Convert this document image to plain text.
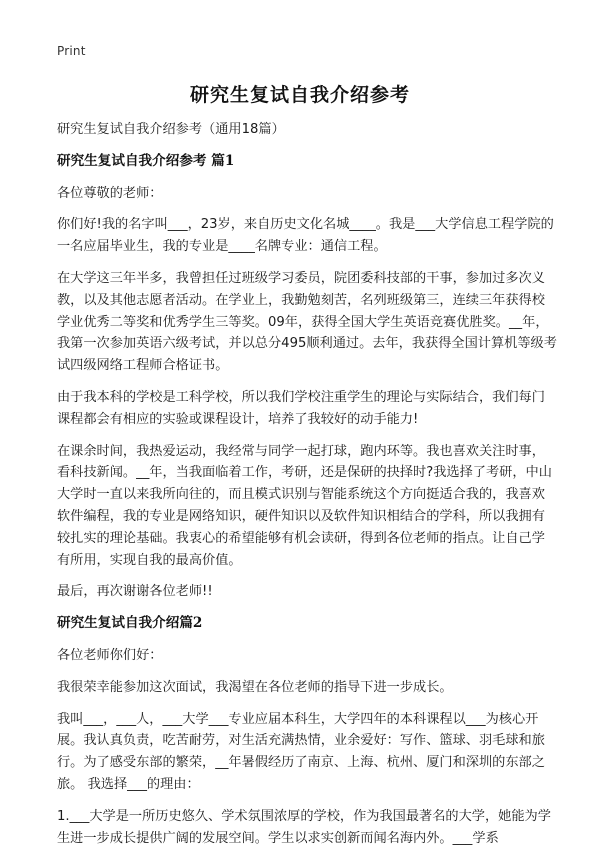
Print
研究生复试自我介绍参考

研究生复试自我介绍参考（通用18篇）

研究生复试自我介绍参考 篇1

各位尊敬的老师：

你们好!我的名字叫___，23岁，来自历史文化名城____。我是___大学信息工程学院的一名应届毕业生，我的专业是____名牌专业：通信工程。

在大学这三年半多，我曾担任过班级学习委员，院团委科技部的干事，参加过多次义教，以及其他志愿者活动。在学业上，我勤勉刻苦，名列班级第三，连续三年获得校学业优秀二等奖和优秀学生三等奖。09年，获得全国大学生英语竞赛优胜奖。__年，我第一次参加英语六级考试，并以总分495顺利通过。去年，我获得全国计算机等级考试四级网络工程师合格证书。

由于我本科的学校是工科学校，所以我们学校注重学生的理论与实际结合，我们每门课程都会有相应的实验或课程设计，培养了我较好的动手能力!

在课余时间，我热爱运动，我经常与同学一起打球，跑内环等。我也喜欢关注时事，看科技新闻。__年，当我面临着工作，考研，还是保研的抉择时?我选择了考研，中山大学时一直以来我所向往的，而且模式识别与智能系统这个方向挺适合我的，我喜欢软件编程，我的专业是网络知识，硬件知识以及软件知识相结合的学科，所以我拥有较扎实的理论基础。我衷心的希望能够有机会读研，得到各位老师的指点。让自己学有所用，实现自我的最高价值。

最后，再次谢谢各位老师!!

研究生复试自我介绍篇2

各位老师你们好：

我很荣幸能参加这次面试，我渴望在各位老师的指导下进一步成长。

我叫___，___人，___大学___专业应届本科生，大学四年的本科课程以___为核心开展。我认真负责，吃苦耐劳，对生活充满热情，业余爱好：写作、篮球、羽毛球和旅行。为了感受东部的繁荣，__年暑假经历了南京、上海、杭州、厦门和深圳的东部之旅。 我选择___的理由：

1.___大学是一所历史悠久、学术氛围浓厚的学校，作为我国最著名的大学，她能为学生进一步成长提供广阔的发展空间。学生以求实创新而闻名海内外。___学系
